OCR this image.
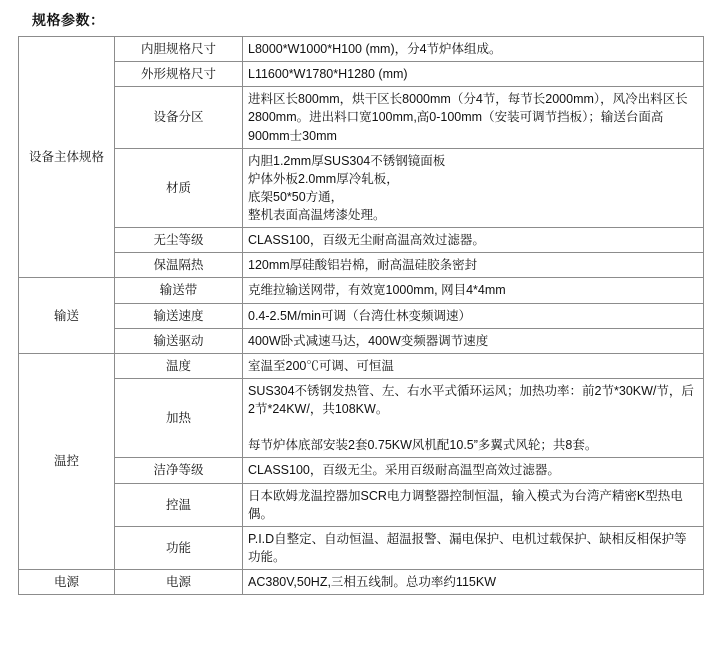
规格参数：
设备主体规格	内胆规格尺寸	L8000*W1000*H100 (mm)，分4节炉体组成。
	外形规格尺寸	L11600*W1780*H1280 (mm)
	设备分区	进料区长800mm，烘干区长8000mm（分4节，每节长2000mm），风冷出料区长2800mm。进出料口宽100mm,高0-100mm（安装可调节挡板）；输送台面高900mm士30mm
	材质	内胆1.2mm厚SUS304不锈钢镜面板
炉体外板2.0mm厚冷轧板，
底架50*50方通，
整机表面高温烤漆处理。
	无尘等级	CLASS100，百级无尘耐高温高效过滤器。
	保温隔热	120mm厚硅酸铝岩棉，耐高温硅胶条密封
输送	输送带	克维拉输送网带，有效宽1000mm, 网目4*4mm
	输送速度	0.4-2.5M/min可调（台湾仕林变频调速）
	输送驱动	400W卧式减速马达，400W变频器调节速度
温控	温度	室温至200℃可调、可恒温
	加热	SUS304不锈钢发热管、左、右水平式循环运风；加热功率：前2节*30KW/节，后2节*24KW/，共108KW。

每节炉体底部安装2套0.75KW风机配10.5”多翼式风轮；共8套。
	洁净等级	CLASS100，百级无尘。采用百级耐高温型高效过滤器。
	控温	日本欧姆龙温控器加SCR电力调整器控制恒温，输入模式为台湾产精密K型热电偶。
	功能	P.I.D自整定、自动恒温、超温报警、漏电保护、电机过载保护、缺相反相保护等功能。
电源	电源	AC380V,50HZ,三相五线制。总功率约115KW
